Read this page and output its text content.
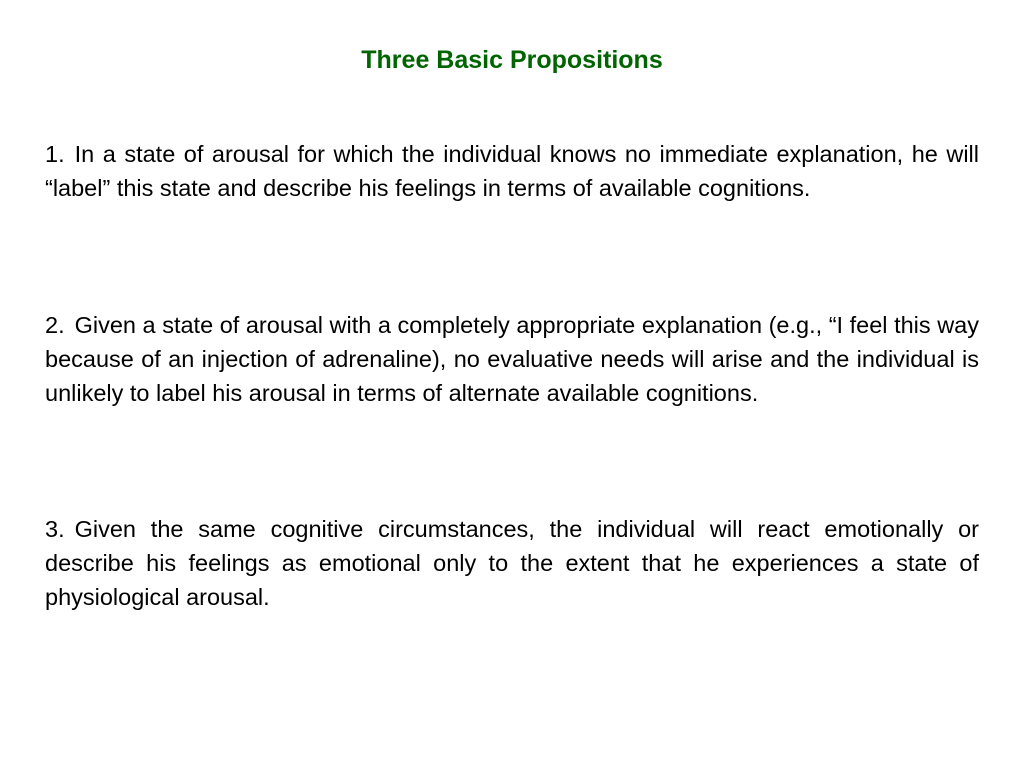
Three Basic Propositions

1. In a state of arousal for which the individual knows no immediate explanation, he will “label” this state and describe his feelings in terms of available cognitions.

2. Given a state of arousal with a completely appropriate explanation (e.g., “I feel this way because of an injection of adrenaline), no evaluative needs will arise and the individual is unlikely to label his arousal in terms of alternate available cognitions.

3. Given the same cognitive circumstances, the individual will react emotionally or describe his feelings as emotional only to the extent that he experiences a state of physiological arousal.
